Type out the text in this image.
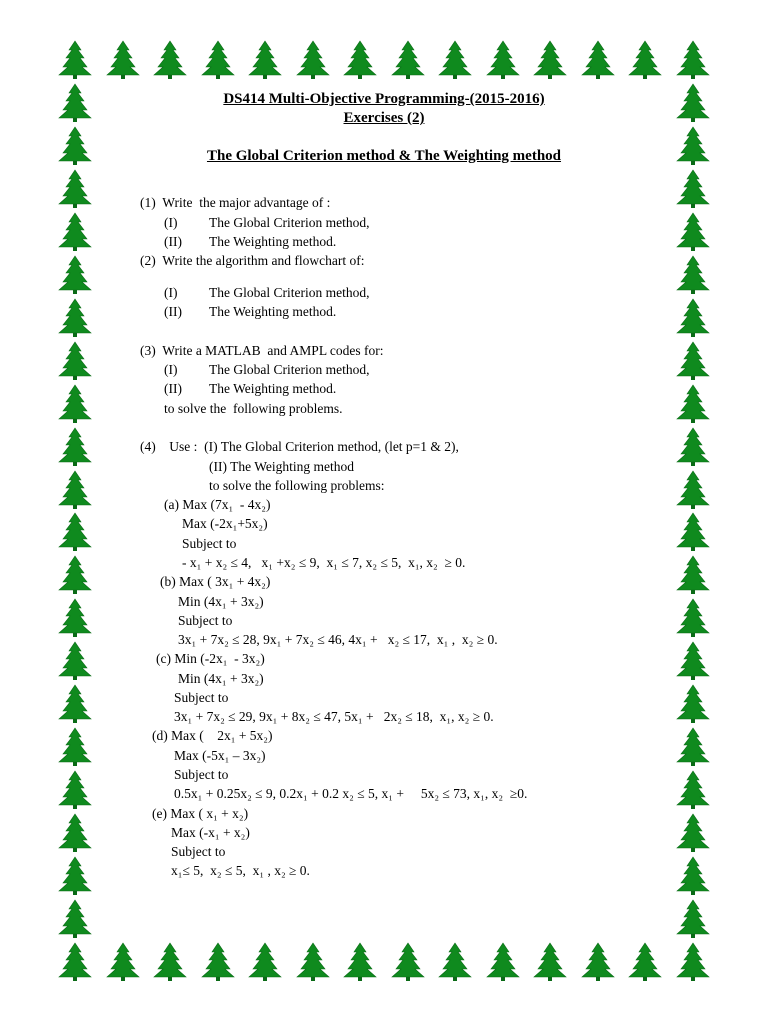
DS414 Multi-Objective Programming-(2015-2016)
Exercises (2)
The Global Criterion method & The Weighting method
(1)  Write  the major advantage of :
(I) The Global Criterion method,
(II) The Weighting method.
(2)  Write the algorithm and flowchart of:
(I) The Global Criterion method,
(II) The Weighting method.
(3)  Write a MATLAB  and AMPL codes for:
(I) The Global Criterion method,
(II) The Weighting method.
to solve the  following problems.
(4)    Use :  (I) The Global Criterion method, (let p=1 & 2),
(II) The Weighting method
to solve the following problems:
(a) Max (7x₁  - 4x₂)
Max (-2x₁+5x₂)
Subject to
- x₁ + x₂ ≤ 4,   x₁ +x₂ ≤ 9,  x₁ ≤ 7, x₂ ≤ 5,  x₁, x₂  ≥ 0.
(b) Max ( 3x₁ + 4x₂)
Min (4x₁ + 3x₂)
Subject to
3x₁ + 7x₂ ≤ 28, 9x₁ + 7x₂ ≤ 46, 4x₁ +   x₂ ≤ 17,  x₁ ,  x₂ ≥ 0.
(c) Min (-2x₁  - 3x₂)
Min (4x₁ + 3x₂)
Subject to
3x₁ + 7x₂ ≤ 29, 9x₁ + 8x₂ ≤ 47, 5x₁ +   2x₂ ≤ 18,  x₁, x₂ ≥ 0.
(d) Max (    2x₁ + 5x₂)
Max (-5x₁ – 3x₂)
Subject to
0.5x₁ + 0.25x₂ ≤ 9, 0.2x₁ + 0.2 x₂ ≤ 5, x₁ +     5x₂ ≤ 73, x₁, x₂  ≥0.
(e) Max ( x₁ + x₂)
Max (-x₁ + x₂)
Subject to
x₁≤ 5,  x₂ ≤ 5,  x₁ , x₂ ≥ 0.
